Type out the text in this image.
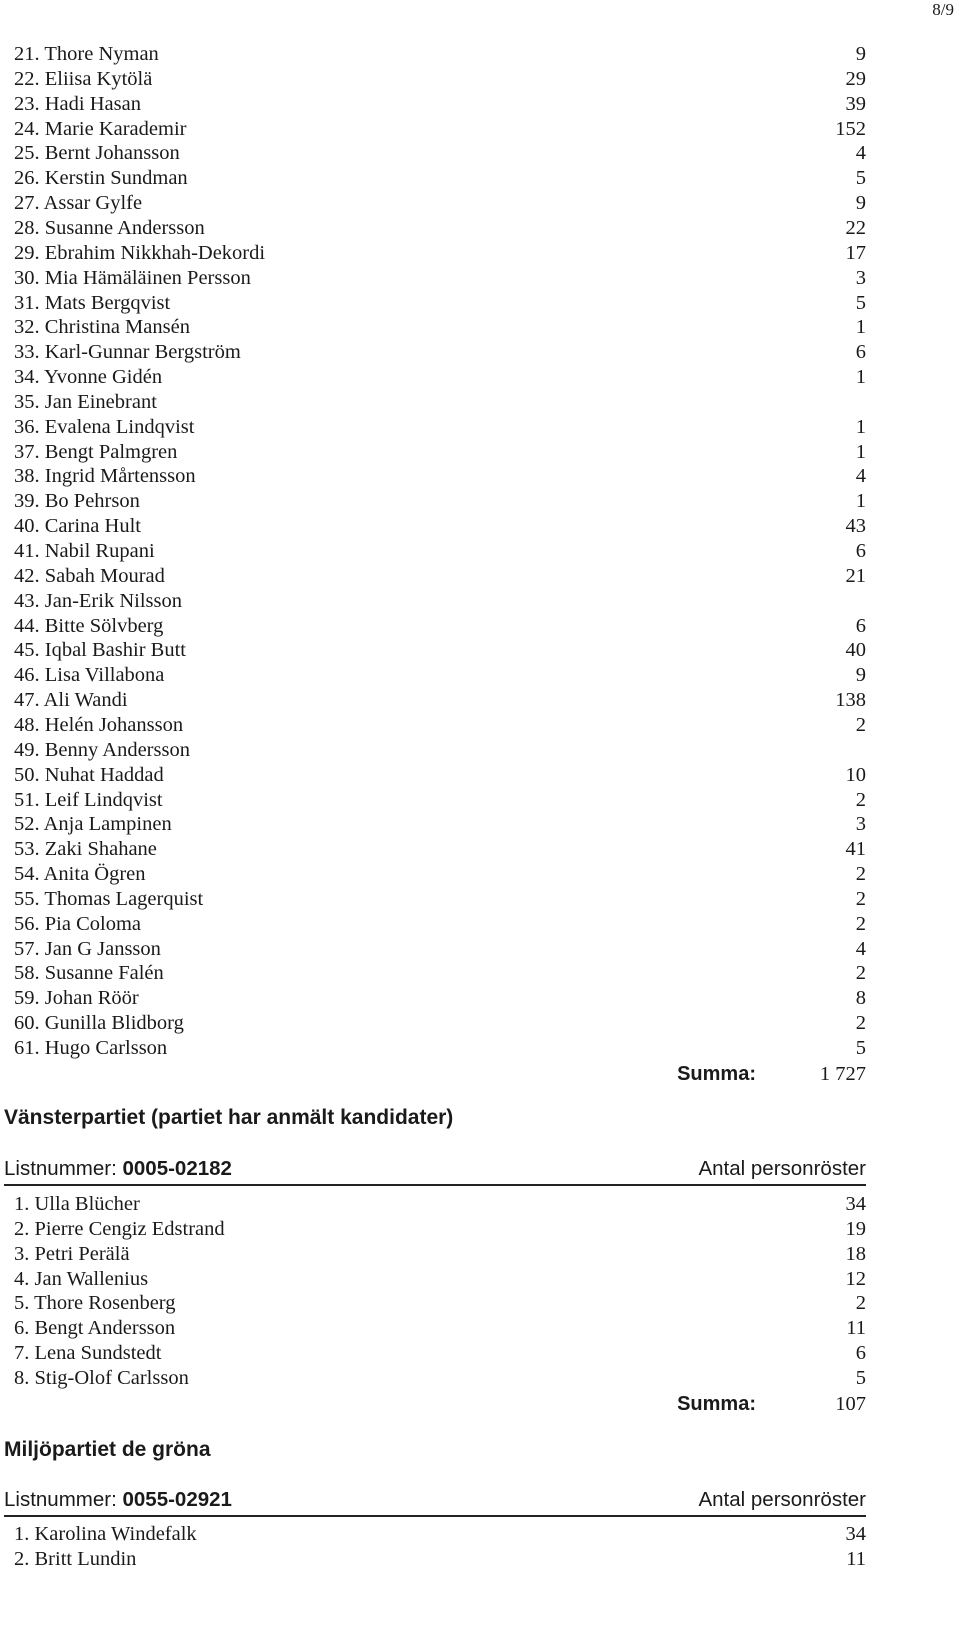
8/9
21. Thore Nyman	9
22. Eliisa Kytölä	29
23. Hadi Hasan	39
24. Marie Karademir	152
25. Bernt Johansson	4
26. Kerstin Sundman	5
27. Assar Gylfe	9
28. Susanne Andersson	22
29. Ebrahim Nikkhah-Dekordi	17
30. Mia Hämäläinen Persson	3
31. Mats Bergqvist	5
32. Christina Mansén	1
33. Karl-Gunnar Bergström	6
34. Yvonne Gidén	1
35. Jan Einebrant
36. Evalena Lindqvist	1
37. Bengt Palmgren	1
38. Ingrid Mårtensson	4
39. Bo Pehrson	1
40. Carina Hult	43
41. Nabil Rupani	6
42. Sabah Mourad	21
43. Jan-Erik Nilsson
44. Bitte Sölvberg	6
45. Iqbal Bashir Butt	40
46. Lisa Villabona	9
47. Ali Wandi	138
48. Helén Johansson	2
49. Benny Andersson
50. Nuhat Haddad	10
51. Leif Lindqvist	2
52. Anja Lampinen	3
53. Zaki Shahane	41
54. Anita Ögren	2
55. Thomas Lagerquist	2
56. Pia Coloma	2
57. Jan G Jansson	4
58. Susanne Falén	2
59. Johan Röör	8
60. Gunilla Blidborg	2
61. Hugo Carlsson	5
Summa:	1 727
Vänsterpartiet (partiet har anmält kandidater)
Listnummer: 0005-02182	Antal personröster
1. Ulla Blücher	34
2. Pierre Cengiz Edstrand	19
3. Petri Perälä	18
4. Jan Wallenius	12
5. Thore Rosenberg	2
6. Bengt Andersson	11
7. Lena Sundstedt	6
8. Stig-Olof Carlsson	5
Summa:	107
Miljöpartiet de gröna
Listnummer: 0055-02921	Antal personröster
1. Karolina Windefalk	34
2. Britt Lundin	11
